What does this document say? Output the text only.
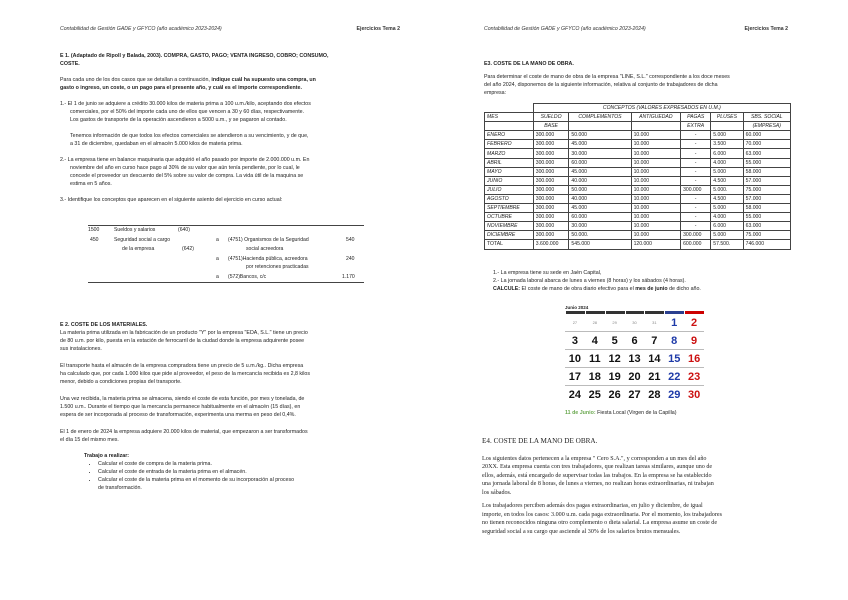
Contabilidad de Gestión GADE y GFYCO (año académico 2023-2024)	Ejercicios Tema 2

E 1. (Adaptado de Ripoll y Balada, 2003). COMPRA, GASTO, PAGO; VENTA INGRESO, COBRO; CONSUMO,

COSTE.

Para cada uno de los dos casos que se detallan a continuación, indique cuál ha supuesto una compra, un

gasto o ingreso, un coste, o un pago para el presente año, y cuál es el importe correspondiente.

1.- El 1 de junio se adquiere a crédito 30.000 kilos de materia prima a 100 u.m./kilo, aceptando dos efectos

comerciales, por el 50% del importe cada uno de ellos que vencen a 30 y 60 días, respectivamente.

Los gastos de transporte de la operación ascendieron a 5000 u.m., y se pagaron al contado.

Tenemos información de que todos los efectos comerciales se atendieron a su vencimiento, y de que,

a 31 de diciembre, quedaban en el almacén 5.000 kilos de materia prima.

2.- La empresa tiene en balance maquinaria que adquirió el año pasado por importe de 2.000.000 u.m. En

noviembre del año en curso hace pago al 30% de su valor que aún tenía pendiente, por lo cual, le

concede el proveedor un descuento del 5% sobre su valor de compra. La vida útil de la maquina se

estima en 5 años.

3.- Identifique los conceptos que aparecen en el siguiente asiento del ejercicio en curso actual:

1500	Sueldos y salarios	(640)
450	Seguridad social a cargo	a (4751) Organismos de la Seguridad	540
de la empresa	(642)	social acreedora
a (4751)Hacienda pública, acreedora	240
por retenciones practicadas
a (572)Bancos, c/c	1.170

E 2. COSTE DE LOS MATERIALES.

La materia prima utilizada en la fabricación de un producto "Y" por la empresa "EDA, S.L." tiene un precio

de 80 u.m. por kilo, puesta en la estación de ferrocarril de la ciudad donde la empresa adquirente posee

sus instalaciones.

El transporte hasta el almacén de la empresa compradora tiene un precio de 5 u.m./kg.. Dicha empresa

ha calculado que, por cada 1.000 kilos que pide al proveedor, el peso de la mercancía recibida es 2,8 kilos

menor, debido a condiciones propias del transporte.

Una vez recibida, la materia prima se almacena, siendo el coste de esta función, por mes y tonelada, de

1.500 u.m.. Durante el tiempo que la mercancía permanece habitualmente en el almacén (15 días), en

espera de ser incorporada al proceso de transformación, experimenta una merma en peso del 0,4%.

El 1 de enero de 2024 la empresa adquiere 20.000 kilos de material, que empezaron a ser transformados

el día 15 del mismo mes.

Trabajo a realizar:

• Calcular el coste de compra de la materia prima.
• Calcular el coste de entrada de la materia prima en el almacén.
• Calcular el coste de la materia prima en el momento de su incorporación al proceso
de transformación.
Contabilidad de Gestión GADE y GFYCO (año académico 2023-2024)	Ejercicios Tema 2

E3. COSTE DE LA MANO DE OBRA.

Para determinar el coste de mano de obra de la empresa "LINE, S.L." correspondiente a los doce meses

del año 2024, disponemos de la siguiente información, relativa al conjunto de trabajadores de dicha

empresa:

	CONCEPTOS (VALORES EXPRESADOS EN U.M.)					
MES	SUELDO	COMPLEMENTOS	ANTIGUEDAD	PAGAS	PLUSES	SBS. SOCIAL
	BASE			EXTRA		(EMPRESA)
ENERO	300.000	50.000	10.000	-	5.000	60.000
FEBRERO	300.000	45.000	10.000	-	3.500	70.000
MARZO	300.000	30.000	10.000	-	6.000	63.000
ABRIL	300.000	60.000	10.000	-	4.000	55.000
MAYO	300.000	45.000	10.000	-	5.000	58.000
JUNIO	300.000	40.000	10.000	-	4.500	57.000
JULIO	300.000	50.000	10.000	300.000	5.000.	75.000
AGOSTO	300.000	40.000	10.000	-	4.500	57.000
SEPTIEMBRE	300.000	45.000	10.000	-	5.000	58.000
OCTUBRE	300.000	60.000	10.000	-	4.000	55.000
NOVIEMBRE	300.000	30.000	10.000	-	6.000	63.000
DICIEMBRE	300.000	50.000.	10.000	300.000	5.000	75.000
TOTAL	3.600.000	545.000	120.000	600.000	57.500.	746.000

1.- La empresa tiene su sede en Jaén Capital,

2.- La jornada laboral abarca de lunes a viernes (8 horas) y los sábados (4 horas).

CALCULE: El coste de mano de obra diario efectivo para el mes de junio de dicho año.

Junio 2024
27	28	29	30	31	1	2
3	4	5	6	7	8	9
10 11 12 13 14 15 16
17 18 19 20 21 22 23
24 25 26 27 28 29 30

11 de Junio: Fiesta Local (Virgen de la Capilla)

E4. COSTE DE LA MANO DE OBRA.

Los siguientes datos pertenecen a la empresa " Cero S.A.", y corresponden a un mes del año

20XX. Esta empresa cuenta con tres trabajadores, que realizan tareas similares, aunque uno de

ellos, además, está encargado de supervisar todas las trabajos. En la empresa se ha establecido

una jornada laboral de 8 horas, de lunes a viernes, no realizan horas extraordinarias, ni trabajan

los sábados.

Los trabajadores perciben además dos pagas extraordinarias, en julio y diciembre, de igual

importe, en todos los casos: 3.000 u.m. cada paga extraordinaria. Por el momento, los trabajadores

no tienen reconocidos ninguna otro complemento o dieta salarial. La empresa asume un coste de

seguridad social a su cargo que asciende al 30% de los salarios brutos mensuales.
